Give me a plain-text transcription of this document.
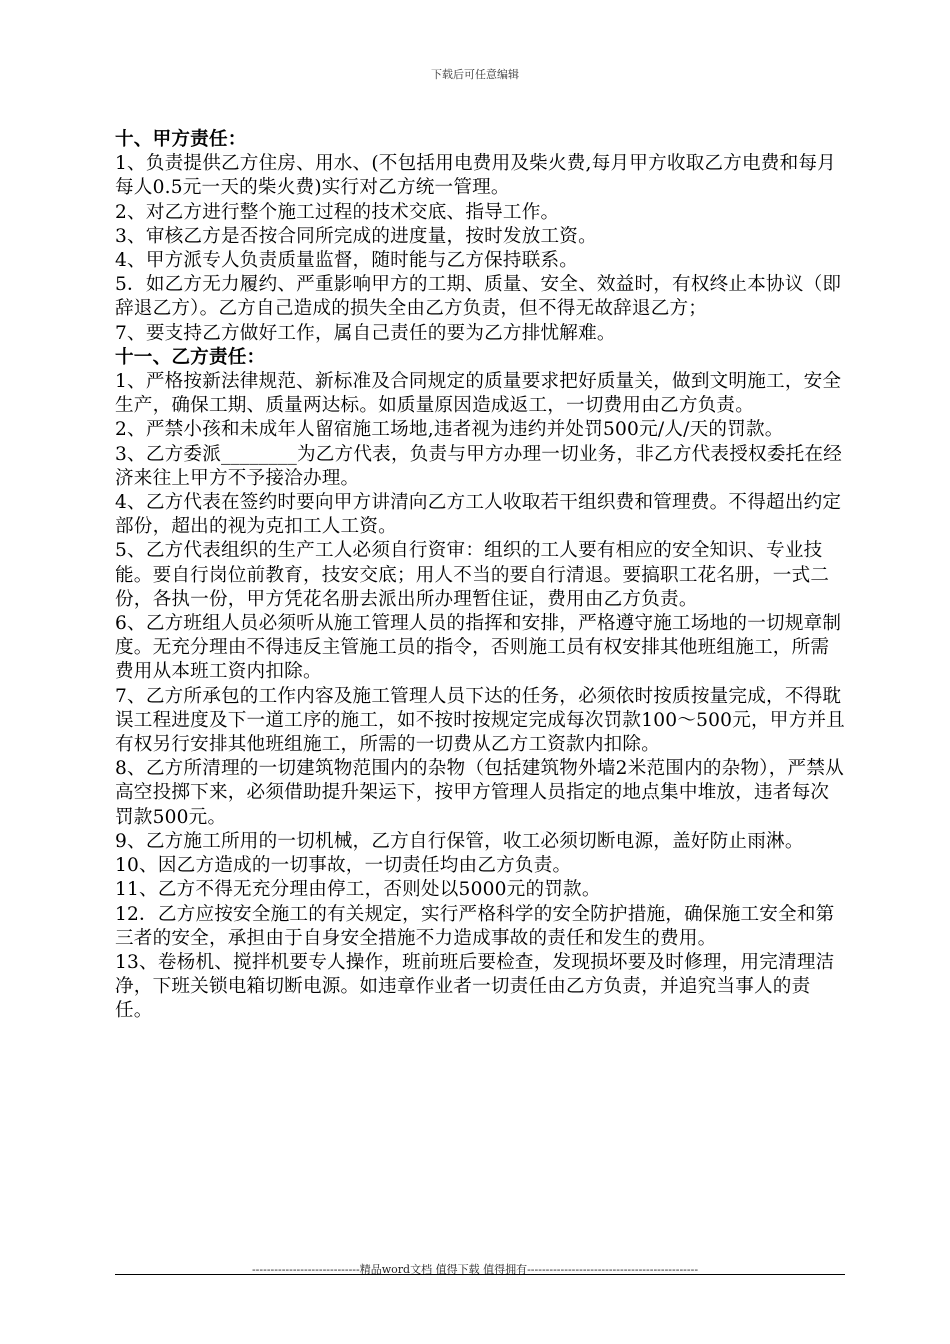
下载后可任意编辑

十、甲方责任：

1、负责提供乙方住房、用水、(不包括用电费用及柴火费,每月甲方收取乙方电费和每月每人0.5元一天的柴火费)实行对乙方统一管理。

2、对乙方进行整个施工过程的技术交底、指导工作。

3、审核乙方是否按合同所完成的进度量，按时发放工资。

4、甲方派专人负责质量监督，随时能与乙方保持联系。

5．如乙方无力履约、严重影响甲方的工期、质量、安全、效益时，有权终止本协议（即辞退乙方）。乙方自己造成的损失全由乙方负责，但不得无故辞退乙方；

7、要支持乙方做好工作，属自己责任的要为乙方排忧解难。

十一、乙方责任：

1、严格按新法律规范、新标准及合同规定的质量要求把好质量关，做到文明施工，安全生产，确保工期、质量两达标。如质量原因造成返工，一切费用由乙方负责。

2、严禁小孩和未成年人留宿施工场地,违者视为违约并处罚500元/人/天的罚款。

3、乙方委派________为乙方代表，负责与甲方办理一切业务，非乙方代表授权委托在经济来往上甲方不予接洽办理。

4、乙方代表在签约时要向甲方讲清向乙方工人收取若干组织费和管理费。不得超出约定部份，超出的视为克扣工人工资。

5、乙方代表组织的生产工人必须自行资审：组织的工人要有相应的安全知识、专业技能。要自行岗位前教育，技安交底；用人不当的要自行清退。要搞职工花名册，一式二份，各执一份，甲方凭花名册去派出所办理暂住证，费用由乙方负责。

6、乙方班组人员必须听从施工管理人员的指挥和安排，严格遵守施工场地的一切规章制度。无充分理由不得违反主管施工员的指令，否则施工员有权安排其他班组施工，所需费用从本班工资内扣除。

7、乙方所承包的工作内容及施工管理人员下达的任务，必须依时按质按量完成，不得耽误工程进度及下一道工序的施工，如不按时按规定完成每次罚款100～500元，甲方并且有权另行安排其他班组施工，所需的一切费从乙方工资款内扣除。

8、乙方所清理的一切建筑物范围内的杂物（包括建筑物外墙2米范围内的杂物），严禁从高空投掷下来，必须借助提升架运下，按甲方管理人员指定的地点集中堆放，违者每次罚款500元。

9、乙方施工所用的一切机械，乙方自行保管，收工必须切断电源，盖好防止雨淋。

10、因乙方造成的一切事故，一切责任均由乙方负责。

11、乙方不得无充分理由停工，否则处以5000元的罚款。

12．乙方应按安全施工的有关规定，实行严格科学的安全防护措施，确保施工安全和第三者的安全，承担由于自身安全措施不力造成事故的责任和发生的费用。

13、卷杨机、搅拌机要专人操作，班前班后要检查，发现损坏要及时修理，用完清理洁净，下班关锁电箱切断电源。如违章作业者一切责任由乙方负责，并追究当事人的责任。

-----------------------------精品word文档 值得下载 值得拥有----------------------------------------------
